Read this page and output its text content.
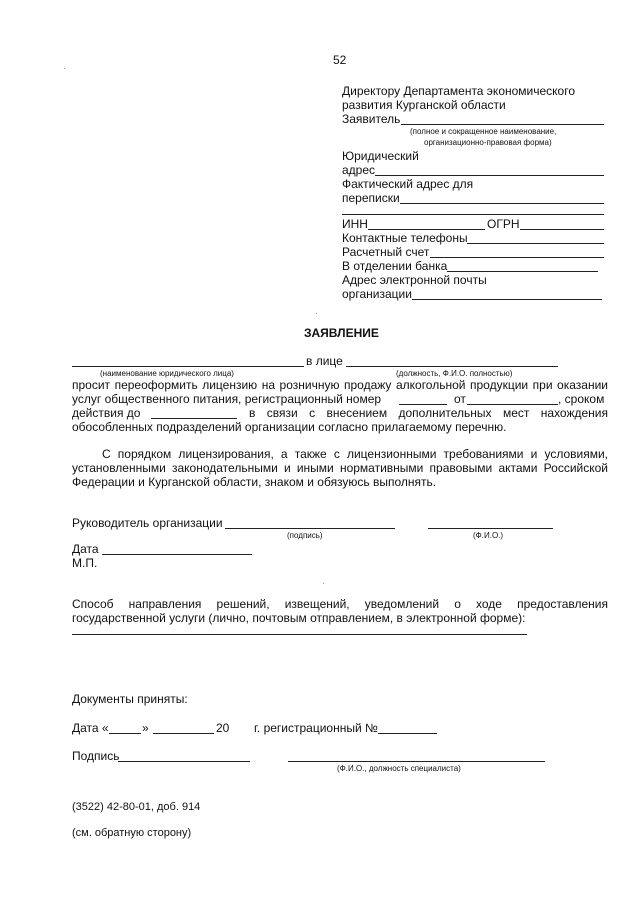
52
Директору Департамента экономического
развития Курганской области
Заявитель
(полное и сокращенное наименование,
организационно-правовая форма)
Юридический
адрес
Фактический адрес для
переписки
ИНН	ОГРН
Контактные телефоны
Расчетный счет
В отделении банка
Адрес электронной почты
организации
ЗАЯВЛЕНИЕ
в лице
(наименование юридического лица)	(должность, Ф.И.О. полностью)
просит переоформить лицензию на розничную продажу алкогольной продукции при оказании
услуг общественного питания, регистрационный номер	от	, сроком
действия до	в связи с внесением дополнительных мест нахождения
обособленных подразделений организации согласно прилагаемому перечню.
С порядком лицензирования, а также с лицензионными требованиями и условиями,
установленными законодательными и иными нормативными правовыми актами Российской
Федерации и Курганской области, знаком и обязуюсь выполнять.
Руководитель организации
(подпись)	(Ф.И.О.)
Дата
М.П.
Способ направления решений, извещений, уведомлений о ходе предоставления
государственной услуги (лично, почтовым отправлением, в электронной форме):
Документы приняты:
Дата «	»	20 г. регистрационный №
Подпись
(Ф.И.О., должность специалиста)
(3522) 42-80-01, доб. 914
(см. обратную сторону)
